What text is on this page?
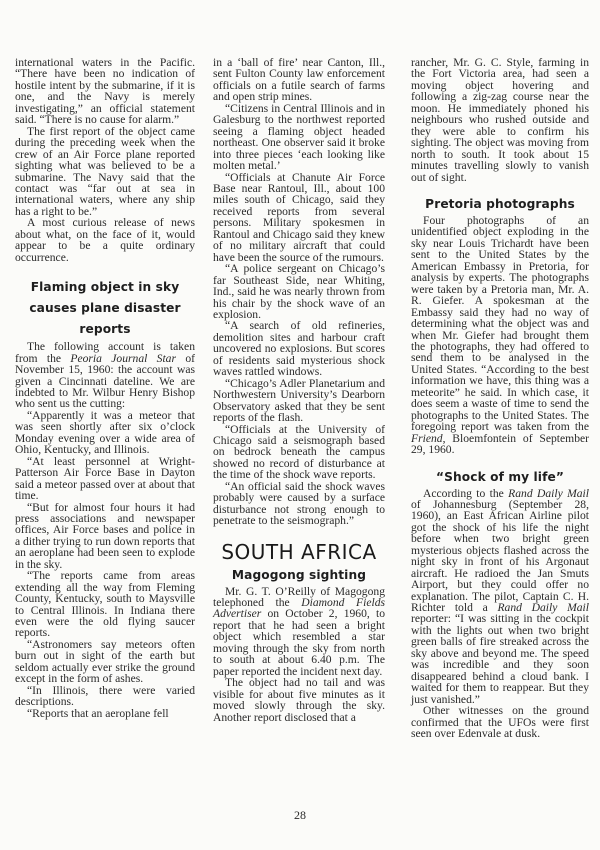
international waters in the Pacific. “There have been no indication of hostile intent by the submarine, if it is one, and the Navy is merely investigating,” an official statement said. “There is no cause for alarm.”

The first report of the object came during the preceding week when the crew of an Air Force plane reported sighting what was believed to be a submarine. The Navy said that the contact was “far out at sea in international waters, where any ship has a right to be.”

A most curious release of news about what, on the face of it, would appear to be a quite ordinary occurrence.

Flaming object in sky causes plane disaster reports

The following account is taken from the Peoria Journal Star of November 15, 1960: the account was given a Cincinnati dateline. We are indebted to Mr. Wilbur Henry Bishop who sent us the cutting:

“Apparently it was a meteor that was seen shortly after six o’clock Monday evening over a wide area of Ohio, Kentucky, and Illinois.

“At least personnel at Wright-Patterson Air Force Base in Dayton said a meteor passed over at about that time.

“But for almost four hours it had press associations and newspaper offices, Air Force bases and police in a dither trying to run down reports that an aeroplane had been seen to explode in the sky.

“The reports came from areas extending all the way from Fleming County, Kentucky, south to Maysville to Central Illinois. In Indiana there even were the old flying saucer reports.

“Astronomers say meteors often burn out in sight of the earth but seldom actually ever strike the ground except in the form of ashes.

“In Illinois, there were varied descriptions.

“Reports that an aeroplane fell

in a ‘ball of fire’ near Canton, Ill., sent Fulton County law enforcement officials on a futile search of farms and open strip mines.

“Citizens in Central Illinois and in Galesburg to the northwest reported seeing a flaming object headed northeast. One observer said it broke into three pieces ‘each looking like molten metal.’

“Officials at Chanute Air Force Base near Rantoul, Ill., about 100 miles south of Chicago, said they received reports from several persons. Military spokesmen in Rantoul and Chicago said they knew of no military aircraft that could have been the source of the rumours.

“A police sergeant on Chicago’s far Southeast Side, near Whiting, Ind., said he was nearly thrown from his chair by the shock wave of an explosion.

“A search of old refineries, demolition sites and harbour craft uncovered no explosions. But scores of residents said mysterious shock waves rattled windows.

“Chicago’s Adler Planetarium and Northwestern University’s Dearborn Observatory asked that they be sent reports of the flash.

“Officials at the University of Chicago said a seismograph based on bedrock beneath the campus showed no record of disturbance at the time of the shock wave reports.

“An official said the shock waves probably were caused by a surface disturbance not strong enough to penetrate to the seismograph.”

SOUTH AFRICA
Magogong sighting

Mr. G. T. O’Reilly of Magogong telephoned the Diamond Fields Advertiser on October 2, 1960, to report that he had seen a bright object which resembled a star moving through the sky from north to south at about 6.40 p.m. The paper reported the incident next day.

The object had no tail and was visible for about five minutes as it moved slowly through the sky. Another report disclosed that a

rancher, Mr. G. C. Style, farming in the Fort Victoria area, had seen a moving object hovering and following a zig-zag course near the moon. He immediately phoned his neighbours who rushed outside and they were able to confirm his sighting. The object was moving from north to south. It took about 15 minutes travelling slowly to vanish out of sight.

Pretoria photographs

Four photographs of an unidentified object exploding in the sky near Louis Trichardt have been sent to the United States by the American Embassy in Pretoria, for analysis by experts. The photographs were taken by a Pretoria man, Mr. A. R. Giefer. A spokesman at the Embassy said they had no way of determining what the object was and when Mr. Giefer had brought them the photographs, they had offered to send them to be analysed in the United States. “According to the best information we have, this thing was a meteorite” he said. In which case, it does seem a waste of time to send the photographs to the United States. The foregoing report was taken from the Friend, Bloemfontein of September 29, 1960.

“Shock of my life”

According to the Rand Daily Mail of Johannesburg (September 28, 1960), an East African Airline pilot got the shock of his life the night before when two bright green mysterious objects flashed across the night sky in front of his Argonaut aircraft. He radioed the Jan Smuts Airport, but they could offer no explanation. The pilot, Captain C. H. Richter told a Rand Daily Mail reporter: “I was sitting in the cockpit with the lights out when two bright green balls of fire streaked across the sky above and beyond me. The speed was incredible and they soon disappeared behind a cloud bank. I waited for them to reappear. But they just vanished.”

Other witnesses on the ground confirmed that the UFOs were first seen over Edenvale at dusk.

28
